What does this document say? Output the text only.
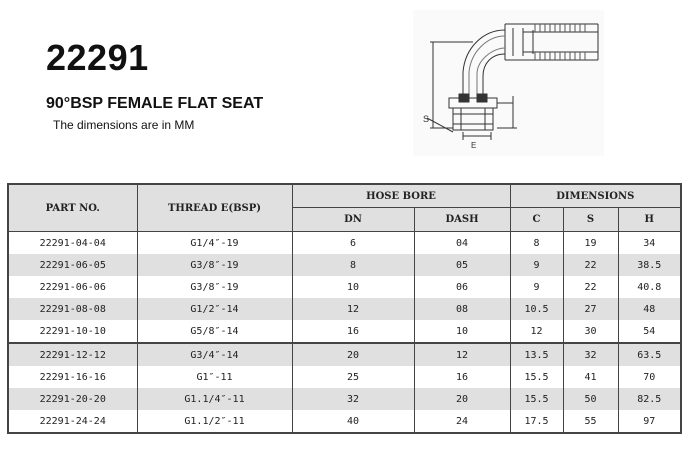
22291
90°BSP FEMALE FLAT SEAT
The dimensions are in MM	S
E
PART NO.	THREAD E(BSP)	HOSE BORE		DIMENSIONS		
		DN	DASH	C	S	H
22291-04-04	G1/4″-19	6	04	8	19	34
22291-06-05	G3/8″-19	8	05	9	22	38.5
22291-06-06	G3/8″-19	10	06	9	22	40.8
22291-08-08	G1/2″-14	12	08	10.5	27	48
22291-10-10	G5/8″-14	16	10	12	30	54
22291-12-12	G3/4″-14	20	12	13.5	32	63.5
22291-16-16	G1″-11	25	16	15.5	41	70
22291-20-20	G1.1/4″-11	32	20	15.5	50	82.5
22291-24-24	G1.1/2″-11	40	24	17.5	55	97
